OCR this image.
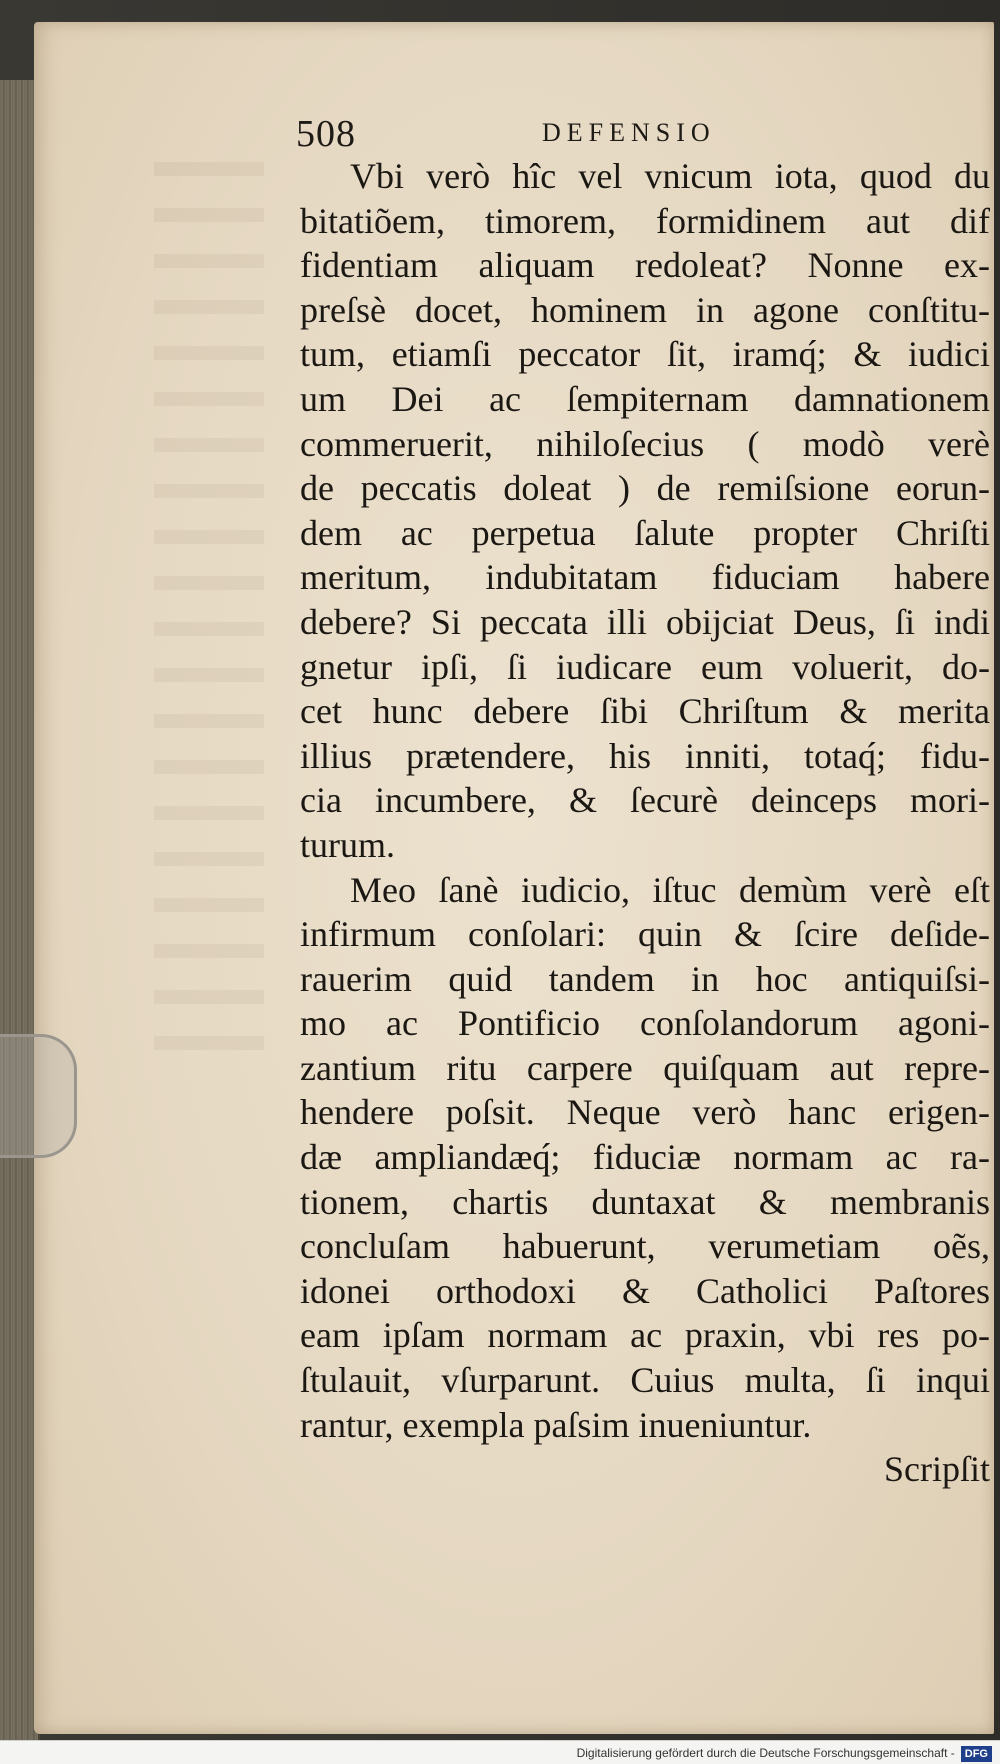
508	DEFENSIO
Vbi verò hîc vel vnicum iota, quod du
bitatiõem, timorem, formidinem aut dif
fidentiam aliquam redoleat? Nonne ex-
preſsè docet, hominem in agone conſtitu-
tum, etiamſi peccator ſit, iramq́; & iudici
um Dei ac ſempiternam damnationem
commeruerit, nihiloſecius ( modò verè
de peccatis doleat ) de remiſsione eorun-
dem ac perpetua ſalute propter Chriſti
meritum, indubitatam fiduciam habere
debere? Si peccata illi obijciat Deus, ſi indi
gnetur ipſi, ſi iudicare eum voluerit, do-
cet hunc debere ſibi Chriſtum & merita
illius prætendere, his inniti, totaq́; fidu-
cia incumbere, & ſecurè deinceps mori-
turum.
Meo ſanè iudicio, iſtuc demùm verè eſt
infirmum conſolari: quin & ſcire deſide-
rauerim quid tandem in hoc antiquiſsi-
mo ac Pontificio conſolandorum agoni-
zantium ritu carpere quiſquam aut repre-
hendere poſsit. Neque verò hanc erigen-
dæ ampliandæq́; fiduciæ normam ac ra-
tionem, chartis duntaxat & membranis
concluſam habuerunt, verumetiam oẽs,
idonei orthodoxi & Catholici Paſtores
eam ipſam normam ac praxin, vbi res po-
ſtulauit, vſurparunt. Cuius multa, ſi inqui
rantur, exempla paſsim inueniuntur.
Scripſit
Digitalisierung gefördert durch die Deutsche Forschungsgemeinschaft - DFG
